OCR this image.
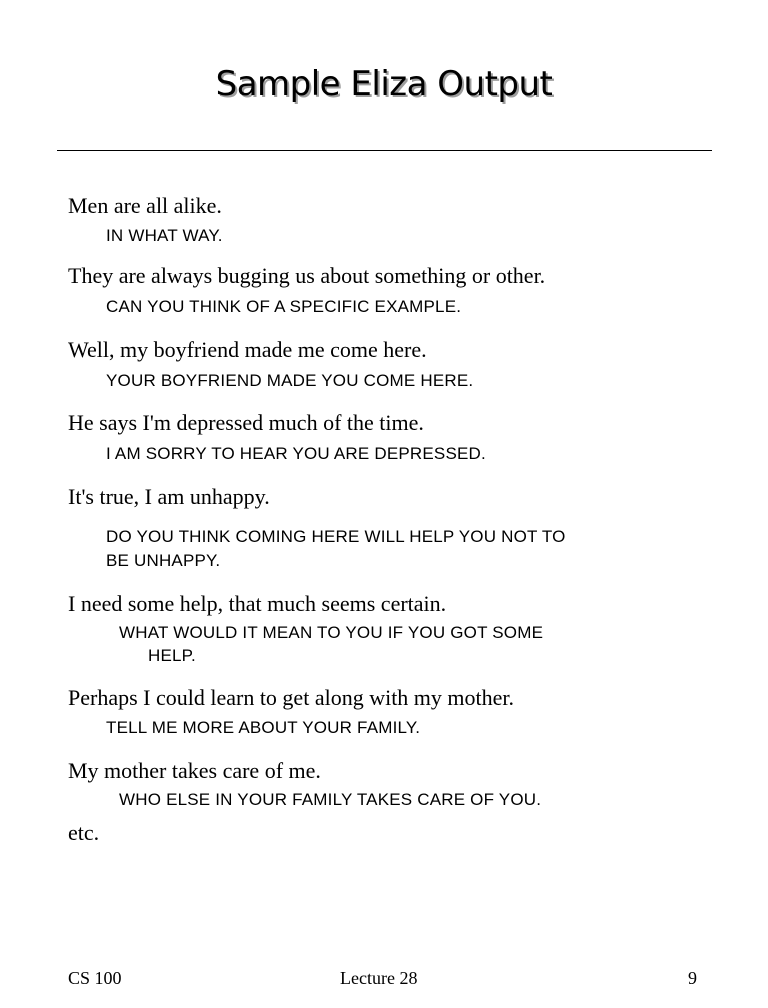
Sample Eliza Output

Men are all alike.

IN WHAT WAY.

They are always bugging us about something or other.

CAN YOU THINK OF A SPECIFIC EXAMPLE.

Well, my boyfriend made me come here.

YOUR BOYFRIEND MADE YOU COME HERE.

He says I'm depressed much of the time.

I AM SORRY TO HEAR YOU ARE DEPRESSED.

It's true, I am unhappy.

DO YOU THINK COMING HERE WILL HELP YOU NOT TO

BE UNHAPPY.

I need some help, that much seems certain.

WHAT WOULD IT MEAN TO YOU IF YOU GOT SOME

HELP.

Perhaps I could learn to get along with my mother.

TELL ME MORE ABOUT YOUR FAMILY.

My mother takes care of me.

WHO ELSE IN YOUR FAMILY TAKES CARE OF YOU.

etc.

CS 100	Lecture 28	9
